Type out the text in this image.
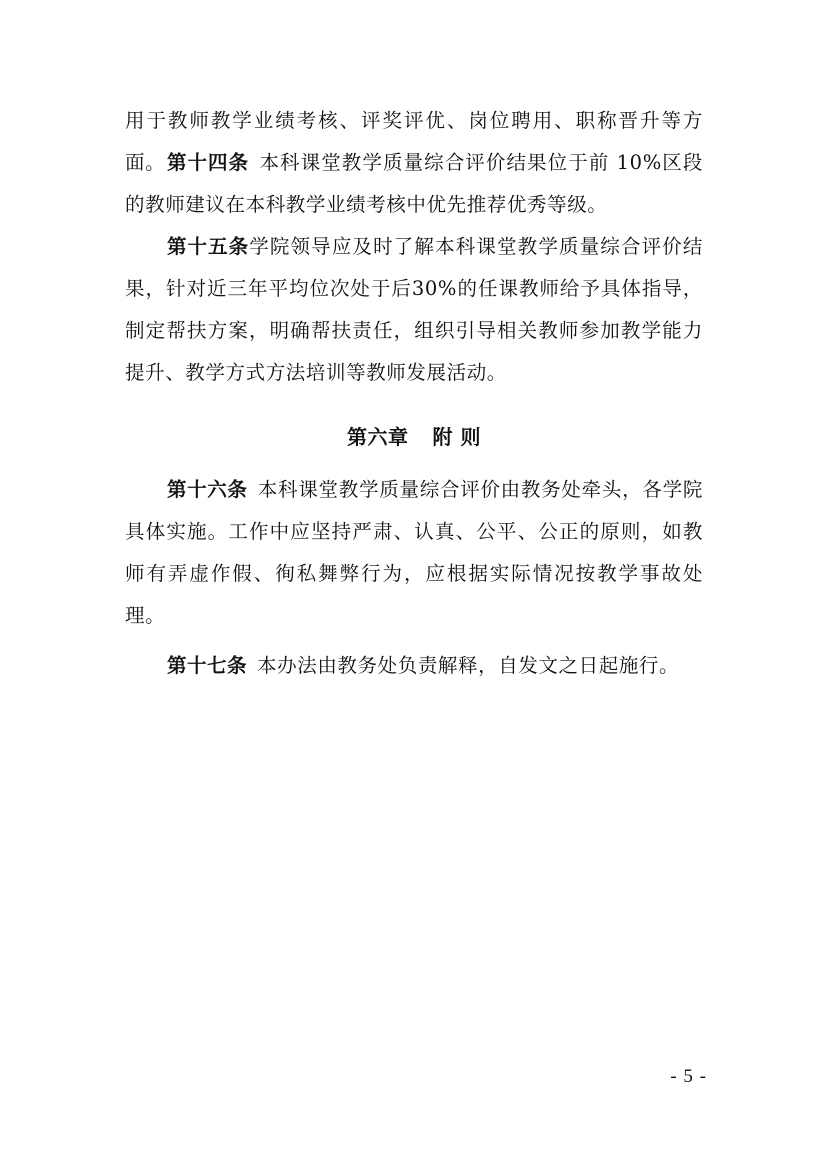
用于教师教学业绩考核、评奖评优、岗位聘用、职称晋升等方面。 第十四条 本科课堂教学质量综合评价结果位于前 10%区段的教师建议在本科教学业绩考核中优先推荐优秀等级。

第十五条学院领导应及时了解本科课堂教学质量综合评价结果，针对近三年平均位次处于后30%的任课教师给予具体指导，制定帮扶方案，明确帮扶责任，组织引导相关教师参加教学能力提升、教学方式方法培训等教师发展活动。

第六章 附 则

第十六条 本科课堂教学质量综合评价由教务处牵头，各学院具体实施。工作中应坚持严肃、认真、公平、公正的原则，如教师有弄虚作假、徇私舞弊行为，应根据实际情况按教学事故处理。

第十七条 本办法由教务处负责解释，自发文之日起施行。

- 5 -
